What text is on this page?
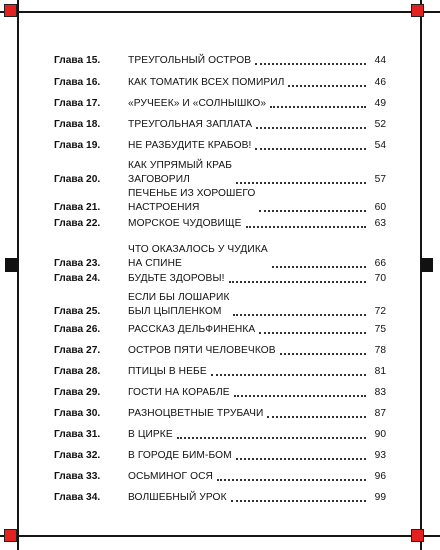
Глава 15.	ТРЕУГОЛЬНЫЙ ОСТРОВ	44
Глава 16.	КАК ТОМАТИК ВСЕХ ПОМИРИЛ	46
Глава 17.	«РУЧЕЕК» И «СОЛНЫШКО»	49
Глава 18.	ТРЕУГОЛЬНАЯ ЗАПЛАТА	52
Глава 19.	НЕ РАЗБУДИТЕ КРАБОВ!	54
Глава 20.
КАК УПРЯМЫЙ КРАБ
ЗАГОВОРИЛ	57
Глава 21.
ПЕЧЕНЬЕ ИЗ ХОРОШЕГО
НАСТРОЕНИЯ	60
Глава 22.	МОРСКОЕ ЧУДОВИЩЕ	63
Глава 23.
ЧТО ОКАЗАЛОСЬ У ЧУДИКА
НА СПИНЕ	66
Глава 24.	БУДЬТЕ ЗДОРОВЫ!	70
Глава 25.
ЕСЛИ БЫ ЛОШАРИК
БЫЛ ЦЫПЛЕНКОМ	72
Глава 26.	РАССКАЗ ДЕЛЬФИНЕНКА	75
Глава 27.	ОСТРОВ ПЯТИ ЧЕЛОВЕЧКОВ	78
Глава 28.	ПТИЦЫ В НЕБЕ	81
Глава 29.	ГОСТИ НА КОРАБЛЕ	83
Глава 30.	РАЗНОЦВЕТНЫЕ ТРУБАЧИ	87
Глава 31.	В ЦИРКЕ	90
Глава 32.	В ГОРОДЕ БИМ-БОМ	93
Глава 33.	ОСЬМИНОГ ОСЯ	96
Глава 34.	ВОЛШЕБНЫЙ УРОК	99
